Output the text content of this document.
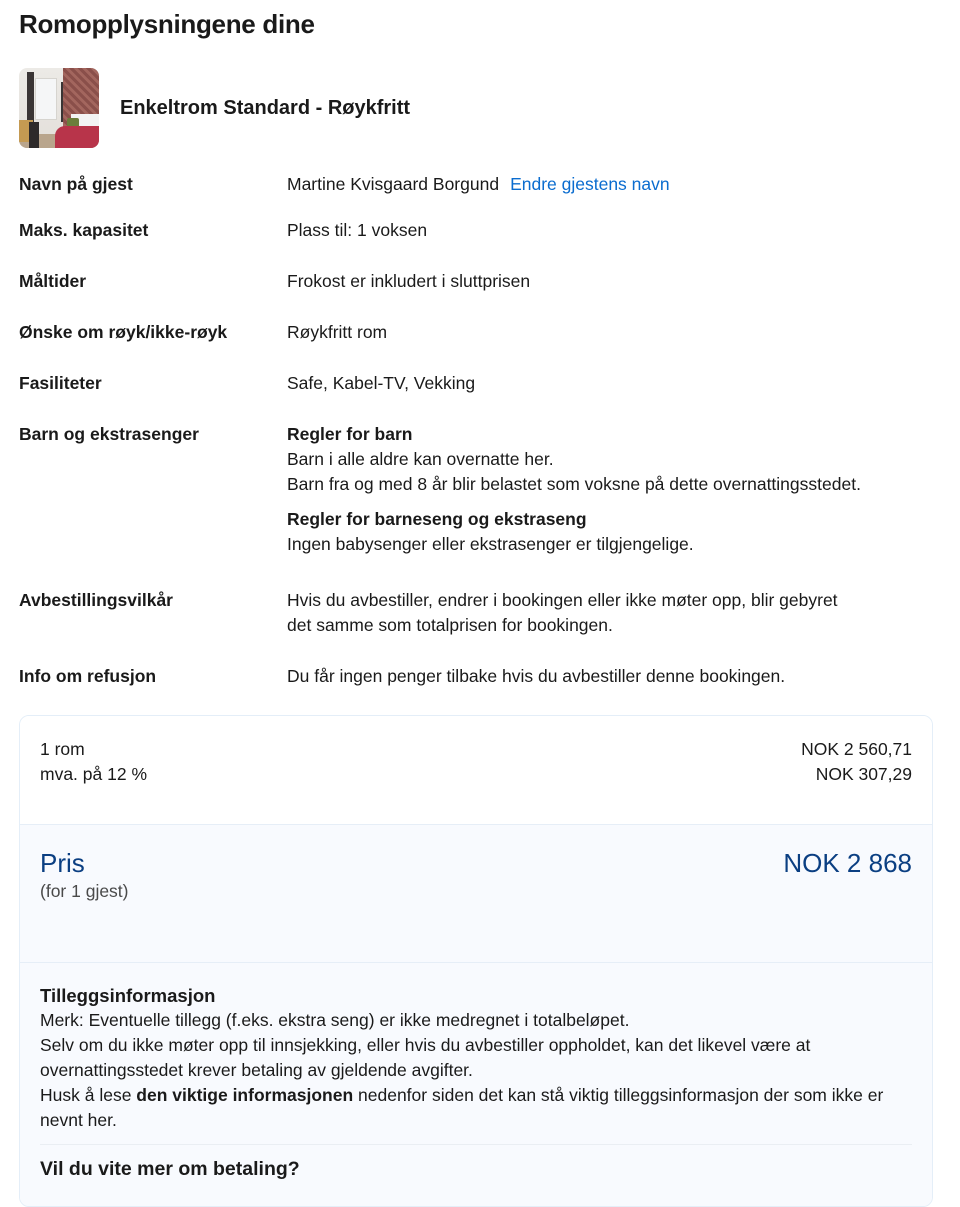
Romopplysningene dine
Enkeltrom Standard - Røykfritt
Navn på gjest	Martine Kvisgaard Borgund Endre gjestens navn
Maks. kapasitet	Plass til: 1 voksen
Måltider	Frokost er inkludert i sluttprisen
Ønske om røyk/ikke-røyk	Røykfritt rom
Fasiliteter	Safe, Kabel-TV, Vekking
Barn og ekstrasenger	Regler for barn
Barn i alle aldre kan overnatte her.
Barn fra og med 8 år blir belastet som voksne på dette overnattingsstedet.
Regler for barneseng og ekstraseng
Ingen babysenger eller ekstrasenger er tilgjengelige.
Avbestillingsvilkår	Hvis du avbestiller, endrer i bookingen eller ikke møter opp, blir gebyret
det samme som totalprisen for bookingen.
Info om refusjon	Du får ingen penger tilbake hvis du avbestiller denne bookingen.
1 rom	NOK 2 560,71
mva. på 12 %	NOK 307,29
Pris	NOK 2 868
(for 1 gjest)
Tilleggsinformasjon

Merk: Eventuelle tillegg (f.eks. ekstra seng) er ikke medregnet i totalbeløpet.

Selv om du ikke møter opp til innsjekking, eller hvis du avbestiller oppholdet, kan det likevel være at overnattingsstedet krever betaling av gjeldende avgifter.

Husk å lese den viktige informasjonen nedenfor siden det kan stå viktig tilleggsinformasjon der som ikke er nevnt her.

Vil du vite mer om betaling?
